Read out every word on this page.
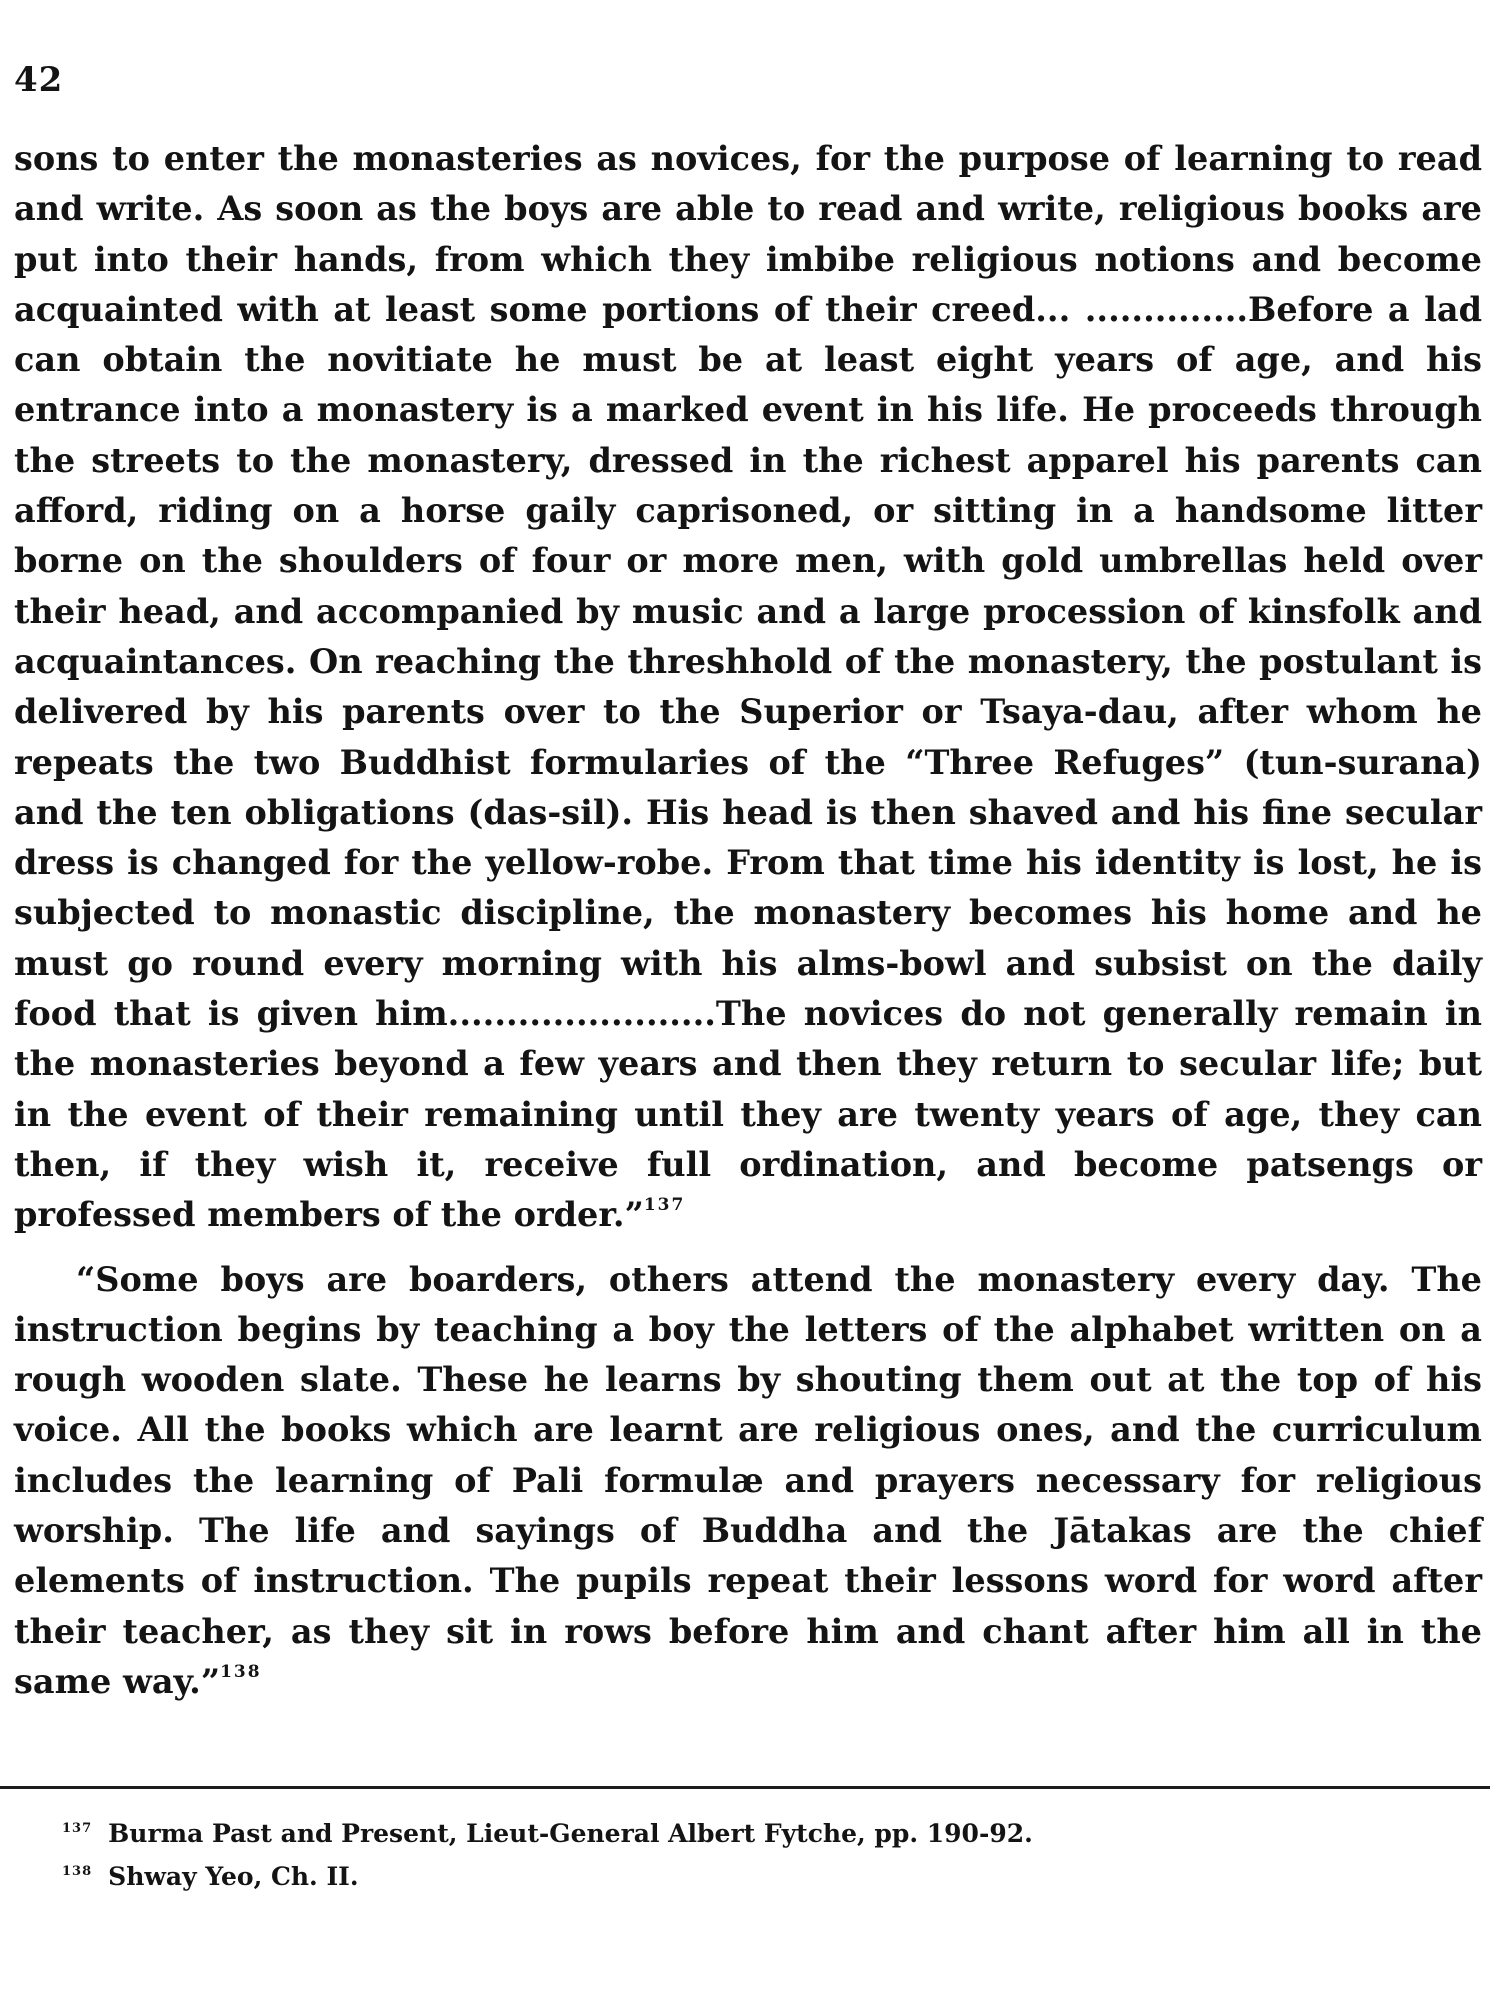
42

sons to enter the monasteries as novices, for the purpose of learning to read and write. As soon as the boys are able to read and write, religious books are put into their hands, from which they imbibe religious notions and become acquainted with at least some portions of their creed... ..............Before a lad can obtain the novitiate he must be at least eight years of age, and his entrance into a monastery is a marked event in his life. He proceeds through the streets to the monastery, dressed in the richest apparel his parents can afford, riding on a horse gaily caprisoned, or sitting in a handsome litter borne on the shoulders of four or more men, with gold umbrellas held over their head, and accompanied by music and a large procession of kinsfolk and acquaintances. On reaching the threshhold of the monastery, the postulant is delivered by his parents over to the Superior or Tsaya-dau, after whom he repeats the two Buddhist formularies of the “Three Refuges” (tun-surana) and the ten obligations (das-sil). His head is then shaved and his fine secular dress is changed for the yellow-robe. From that time his identity is lost, he is subjected to monastic discipline, the monastery becomes his home and he must go round every morning with his alms-bowl and subsist on the daily food that is given him.......................The novices do not generally remain in the monasteries beyond a few years and then they return to secular life; but in the event of their remaining until they are twenty years of age, they can then, if they wish it, receive full ordination, and become patsengs or professed members of the order.”$^{137}$

“Some boys are boarders, others attend the monastery every day. The instruction begins by teaching a boy the letters of the alphabet written on a rough wooden slate. These he learns by shouting them out at the top of his voice. All the books which are learnt are religious ones, and the curriculum includes the learning of Pali formulæ and prayers necessary for religious worship. The life and sayings of Buddha and the Jātakas are the chief elements of instruction. The pupils repeat their lessons word for word after their teacher, as they sit in rows before him and chant after him all in the same way.”$^{138}$

$^{137}$ Burma Past and Present, Lieut-General Albert Fytche, pp. 190-92.
$^{138}$ Shway Yeo, Ch. II.
